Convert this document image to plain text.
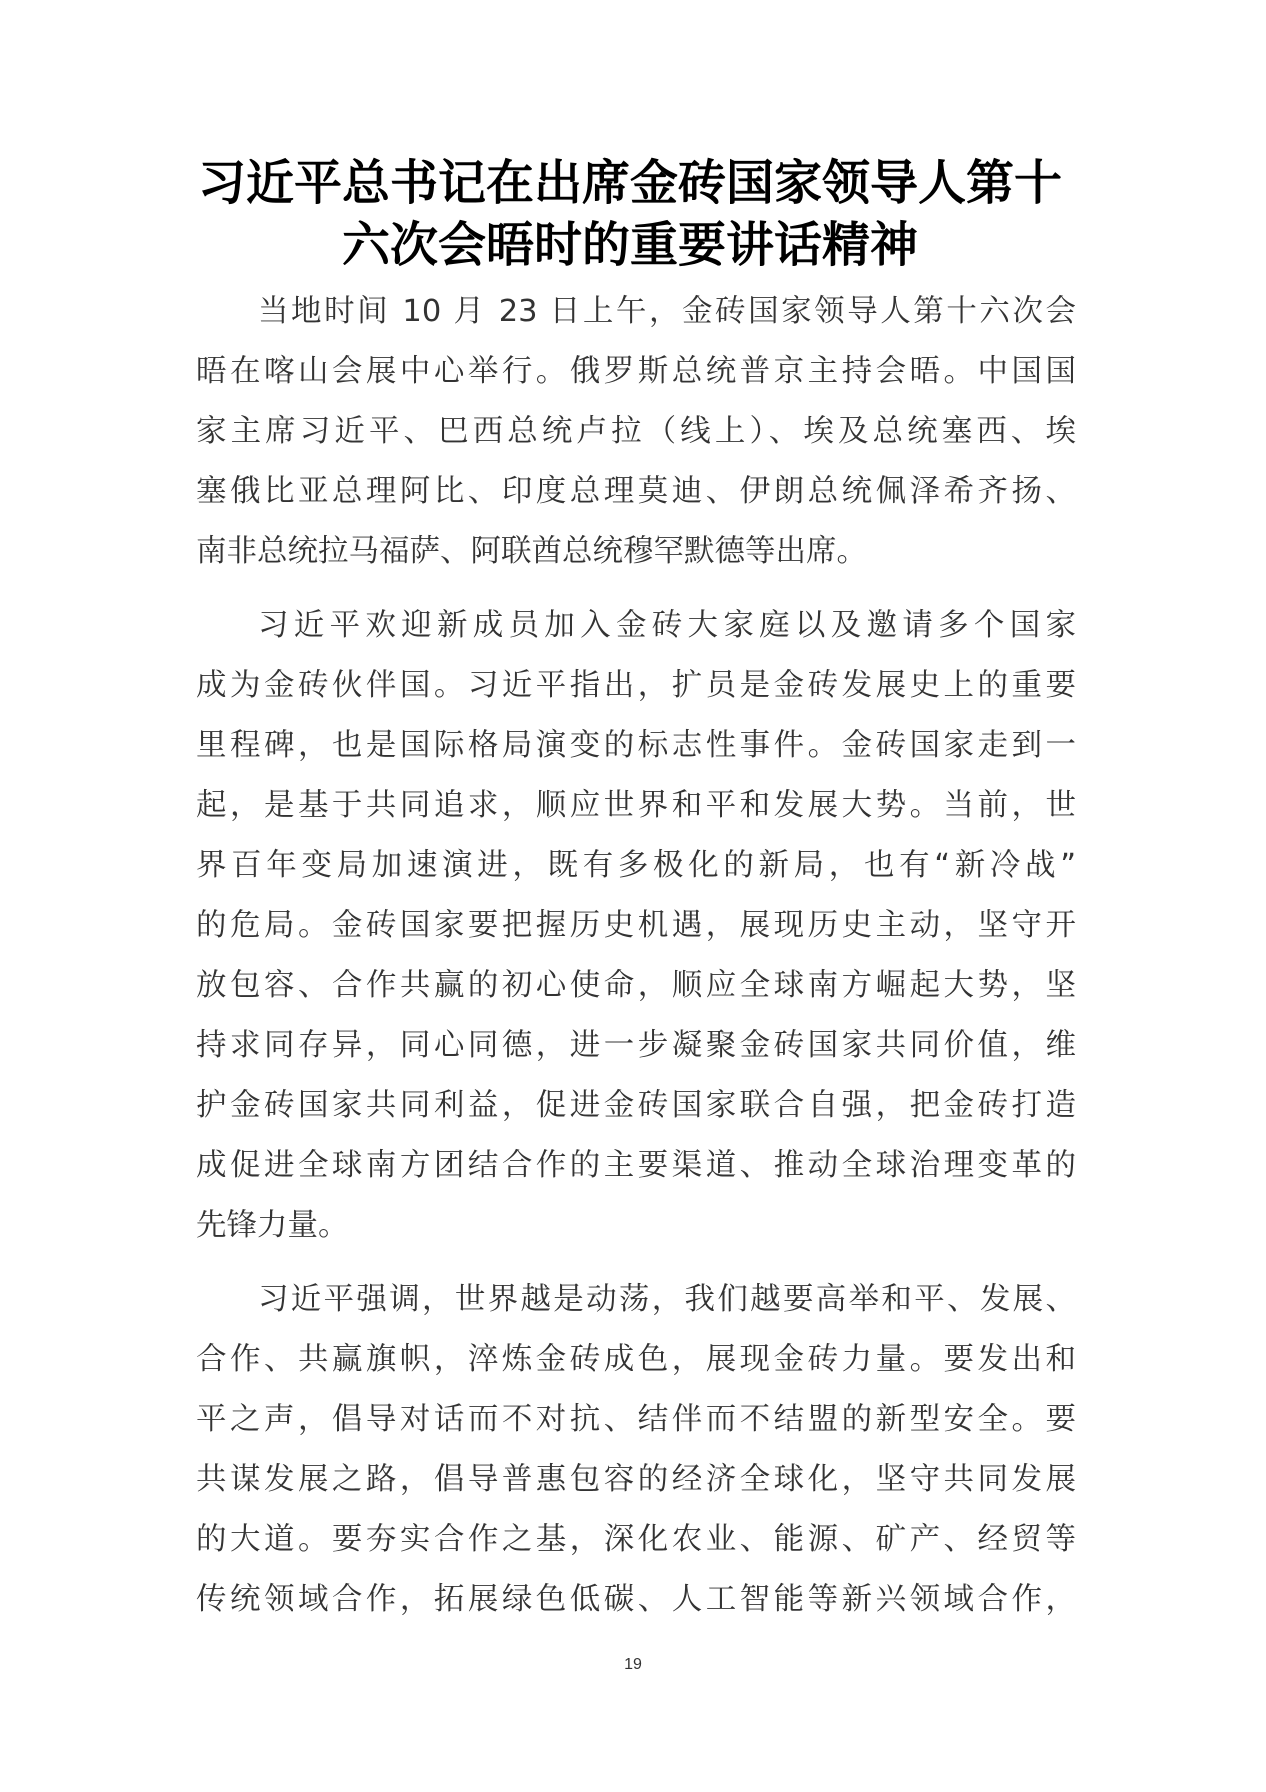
习近平总书记在出席金砖国家领导人第十
六次会晤时的重要讲话精神
当地时间 10 月 23 日上午，金砖国家领导人第十六次会
晤在喀山会展中心举行。俄罗斯总统普京主持会晤。中国国
家主席习近平、巴西总统卢拉（线上）、埃及总统塞西、埃
塞俄比亚总理阿比、印度总理莫迪、伊朗总统佩泽希齐扬、
南非总统拉马福萨、阿联酋总统穆罕默德等出席。
习近平欢迎新成员加入金砖大家庭以及邀请多个国家
成为金砖伙伴国。习近平指出，扩员是金砖发展史上的重要
里程碑，也是国际格局演变的标志性事件。金砖国家走到一
起，是基于共同追求，顺应世界和平和发展大势。当前，世
界百年变局加速演进，既有多极化的新局，也有“新冷战”
的危局。金砖国家要把握历史机遇，展现历史主动，坚守开
放包容、合作共赢的初心使命，顺应全球南方崛起大势，坚
持求同存异，同心同德，进一步凝聚金砖国家共同价值，维
护金砖国家共同利益，促进金砖国家联合自强，把金砖打造
成促进全球南方团结合作的主要渠道、推动全球治理变革的
先锋力量。
习近平强调，世界越是动荡，我们越要高举和平、发展、
合作、共赢旗帜，淬炼金砖成色，展现金砖力量。要发出和
平之声，倡导对话而不对抗、结伴而不结盟的新型安全。要
共谋发展之路，倡导普惠包容的经济全球化，坚守共同发展
的大道。要夯实合作之基，深化农业、能源、矿产、经贸等
传统领域合作，拓展绿色低碳、人工智能等新兴领域合作，
19
